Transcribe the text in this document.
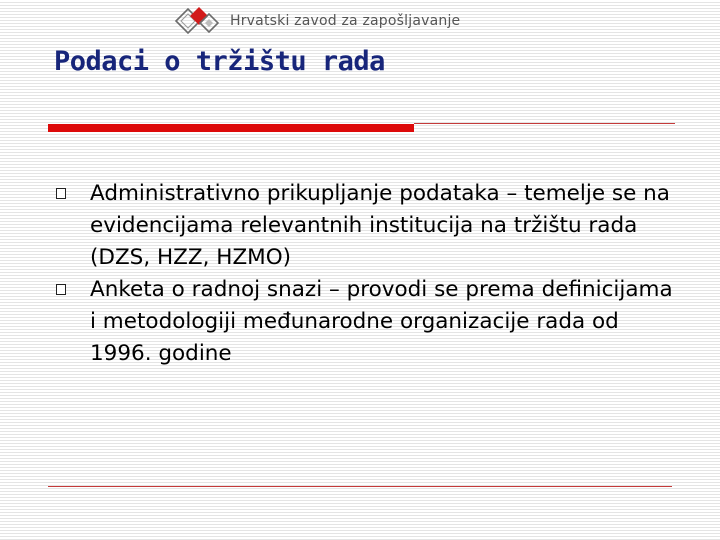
Hrvatski zavod za zapošljavanje
Podaci o tržištu rada
Administrativno prikupljanje podataka – temelje se na evidencijama relevantnih institucija na tržištu rada (DZS, HZZ, HZMO)
Anketa o radnoj snazi – provodi se prema definicijama i metodologiji međunarodne organizacije rada od 1996. godine
